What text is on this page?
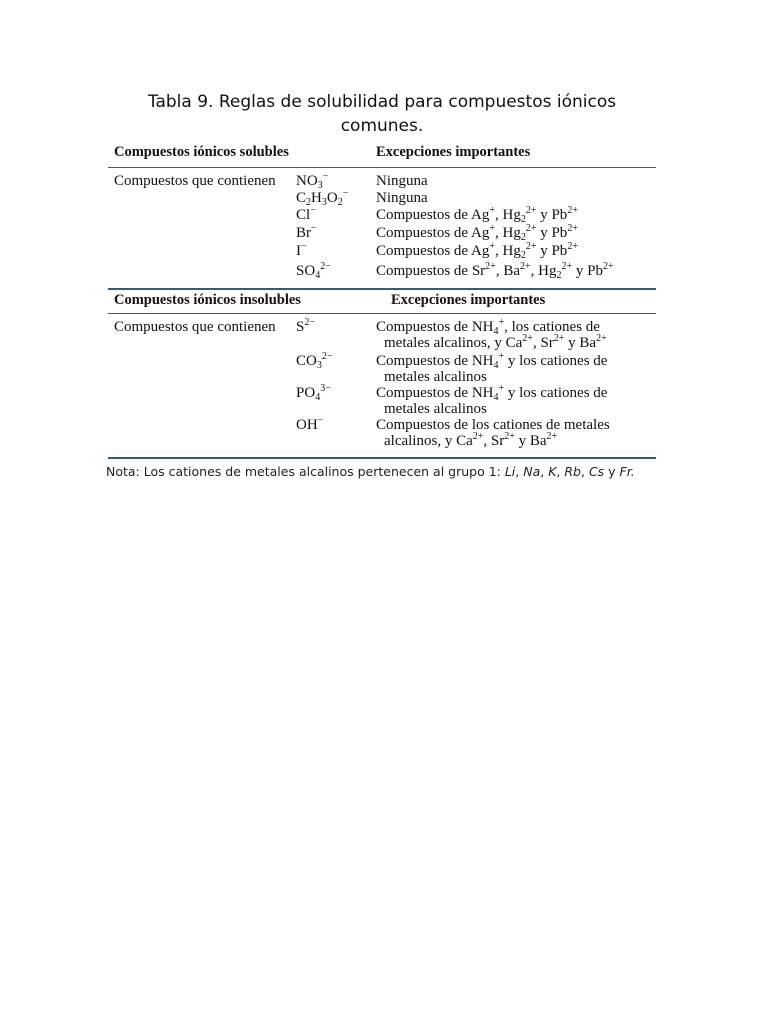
Tabla 9. Reglas de solubilidad para compuestos iónicos
comunes.
Compuestos iónicos solubles	Excepciones importantes
Compuestos que contienen $NO_3^-$	Ninguna
$C_2H_3O_2^-$ Ninguna
Cl−	Compuestos de Ag+, $Hg_2^{2+}$ y $Pb^{2+}$
Br−	Compuestos de Ag+, $Hg_2^{2+}$ y $Pb^{2+}$
I−	Compuestos de Ag+, $Hg_2^{2+}$ y $Pb^{2+}$
$SO_4^{2-}$	Compuestos de $Sr^{2+}$, $Ba^{2+}$, $Hg_2^{2+}$ y $Pb^{2+}$
Compuestos iónicos insolubles	Excepciones importantes
Compuestos que contienen $S^{2-}$	Compuestos de $NH_4^+$, los cationes de
metales alcalinos, y $Ca^{2+}$, $Sr^{2+}$ y $Ba^{2+}$
$CO_3^{2-}$	Compuestos de $NH_4^+$ y los cationes de
metales alcalinos
$PO_4^{3-}$	Compuestos de $NH_4^+$ y los cationes de
metales alcalinos
OH−	Compuestos de los cationes de metales
alcalinos, y $Ca^{2+}$, $Sr^{2+}$ y $Ba^{2+}$
Nota: Los cationes de metales alcalinos pertenecen al grupo 1: Li, Na, K, Rb, Cs y Fr.
